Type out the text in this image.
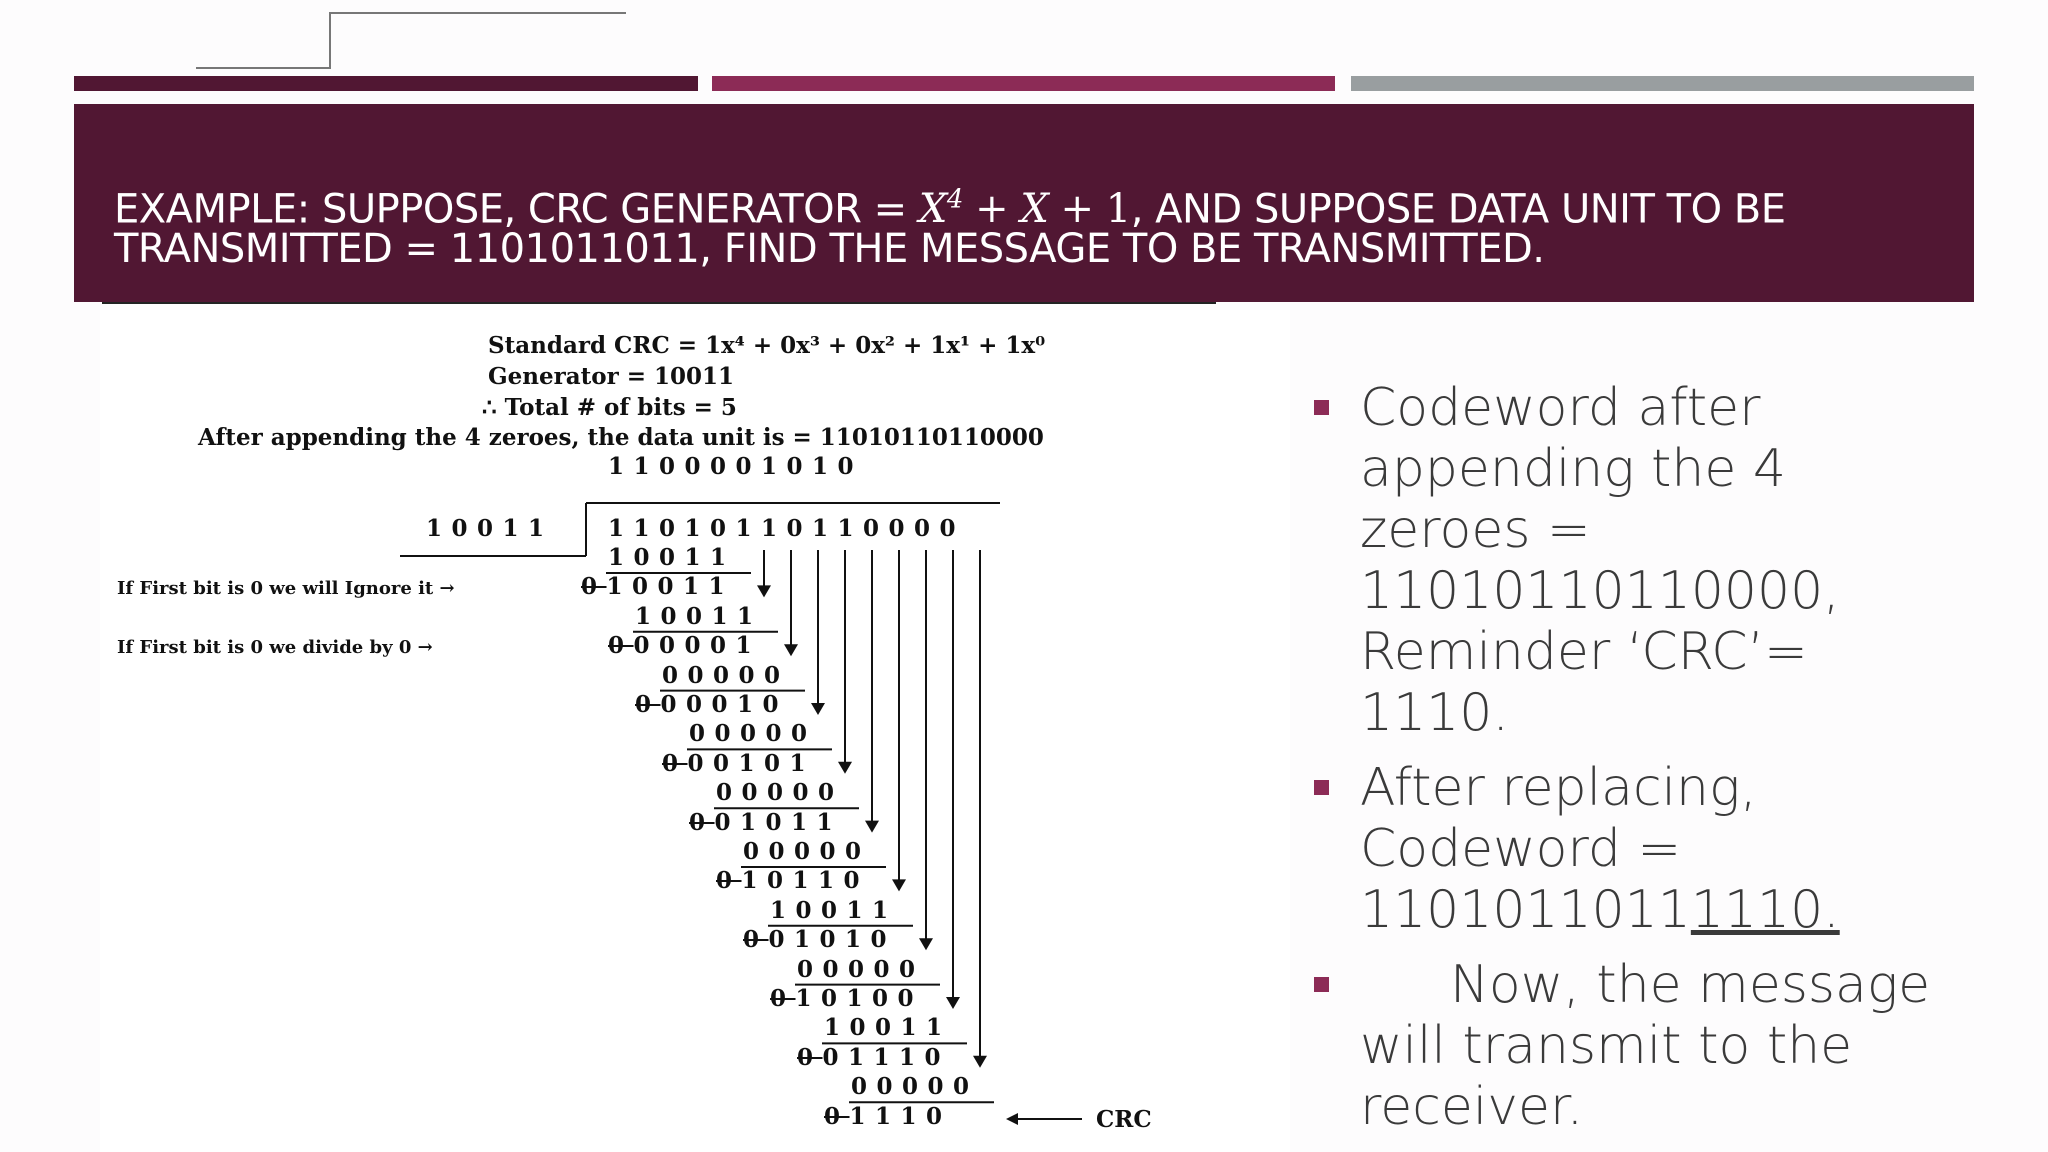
EXAMPLE: SUPPOSE, CRC GENERATOR = $X^4 + X + 1$, AND SUPPOSE DATA UNIT TO BE TRANSMITTED = 1101011011, FIND THE MESSAGE TO BE TRANSMITTED.
Standard CRC = 1x⁴ + 0x³ + 0x² + 1x¹ + 1x⁰
Generator = 10011
∴ Total # of bits = 5
After appending the 4 zeroes, the data unit is = 11010110110000
1100001010
10011 11010110110000
If First bit is 0 we will Ignore it →
If First bit is 0 we divide by 0 →
10011
010011
10011
000001
00000
000010
00000
000101
00000
001011
00000
010110
10011
001010
00000
010100
10011
001110
00000
01110	CRC
Codeword after appending the 4 zeroes = 11010110110000, Reminder ‘CRC’= 1110.
After replacing, Codeword = 11010110111110.
Now, the message will transmit to the receiver.
